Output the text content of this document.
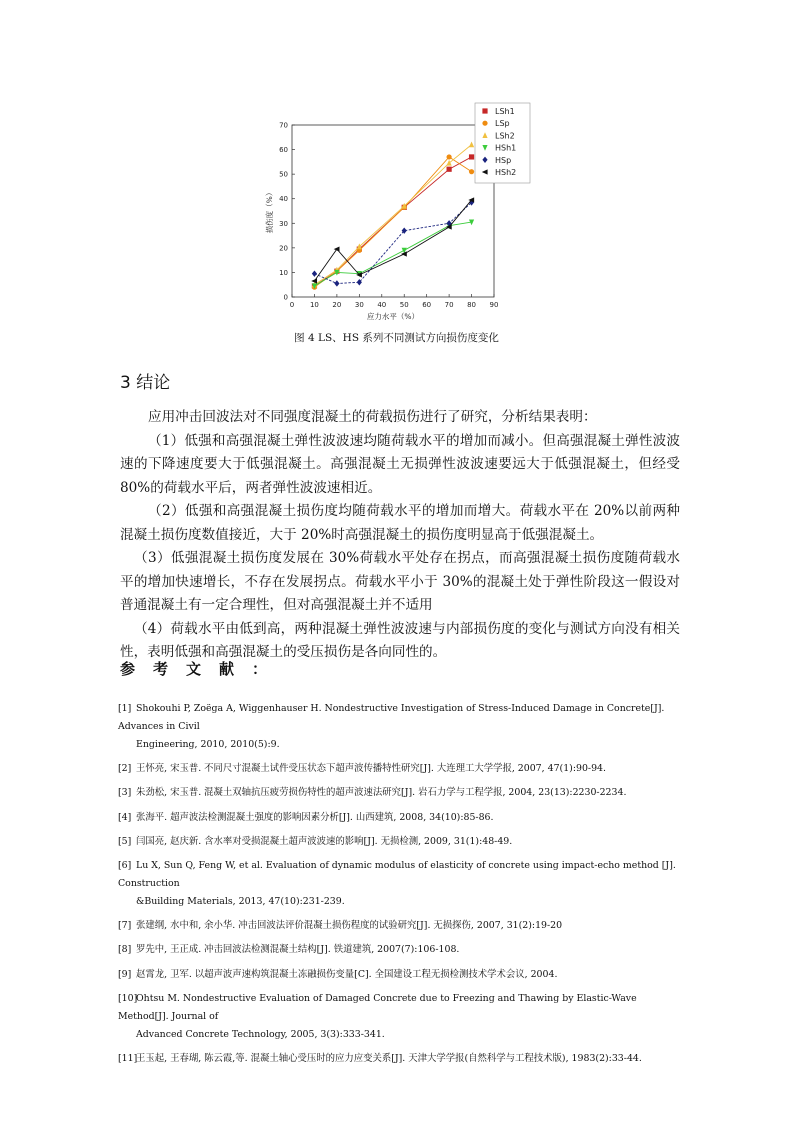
0 10 20 30 40 50 60 70 80 90
0
10
20
30
40
50
60
70
应力水平（%）
损伤度（%）
LSh1
LSp
LSh2
HSh1
HSp
HSh2
图 4 LS、HS 系列不同测试方向损伤度变化
3 结论

应用冲击回波法对不同强度混凝土的荷载损伤进行了研究，分析结果表明：

（1）低强和高强混凝土弹性波波速均随荷载水平的增加而减小。但高强混凝土弹性波波速的下降速度要大于低强混凝土。高强混凝土无损弹性波波速要远大于低强混凝土，但经受 80%的荷载水平后，两者弹性波波速相近。

（2）低强和高强混凝土损伤度均随荷载水平的增加而增大。荷载水平在 20%以前两种混凝土损伤度数值接近，大于 20%时高强混凝土的损伤度明显高于低强混凝土。

（3）低强混凝土损伤度发展在 30%荷载水平处存在拐点，而高强混凝土损伤度随荷载水平的增加快速增长，不存在发展拐点。荷载水平小于 30%的混凝土处于弹性阶段这一假设对普通混凝土有一定合理性，但对高强混凝土并不适用

（4）荷载水平由低到高，两种混凝土弹性波波速与内部损伤度的变化与测试方向没有相关性，表明低强和高强混凝土的受压损伤是各向同性的。

参考文献：
[1] Shokouhi P, Zoëga A, Wiggenhauser H. Nondestructive Investigation of Stress-Induced Damage in Concrete[J]. Advances in Civil
Engineering, 2010, 2010(5):9.
[2] 王怀亮, 宋玉普. 不同尺寸混凝土试件受压状态下超声波传播特性研究[J]. 大连理工大学学报, 2007, 47(1):90-94.
[3] 朱劲松, 宋玉普. 混凝土双轴抗压疲劳损伤特性的超声波速法研究[J]. 岩石力学与工程学报, 2004, 23(13):2230-2234.
[4] 张海平. 超声波法检测混凝土强度的影响因素分析[J]. 山西建筑, 2008, 34(10):85-86.
[5] 闫国亮, 赵庆新. 含水率对受损混凝土超声波波速的影响[J]. 无损检测, 2009, 31(1):48-49.
[6] Lu X, Sun Q, Feng W, et al. Evaluation of dynamic modulus of elasticity of concrete using impact-echo method [J]. Construction
&Building Materials, 2013, 47(10):231-239.
[7] 张建纲, 水中和, 余小华. 冲击回波法评价混凝土损伤程度的试验研究[J]. 无损探伤, 2007, 31(2):19-20
[8] 罗先中, 王正成. 冲击回波法检测混凝土结构[J]. 铁道建筑, 2007(7):106-108.
[9] 赵霄龙, 卫军. 以超声波声速构筑混凝土冻融损伤变量[C]. 全国建设工程无损检测技术学术会议, 2004.
[10]Ohtsu M. Nondestructive Evaluation of Damaged Concrete due to Freezing and Thawing by Elastic-Wave Method[J]. Journal of
Advanced Concrete Technology, 2005, 3(3):333-341.
[11]王玉起, 王春瑚, 陈云霞,等. 混凝土轴心受压时的应力应变关系[J]. 天津大学学报(自然科学与工程技术版), 1983(2):33-44.
